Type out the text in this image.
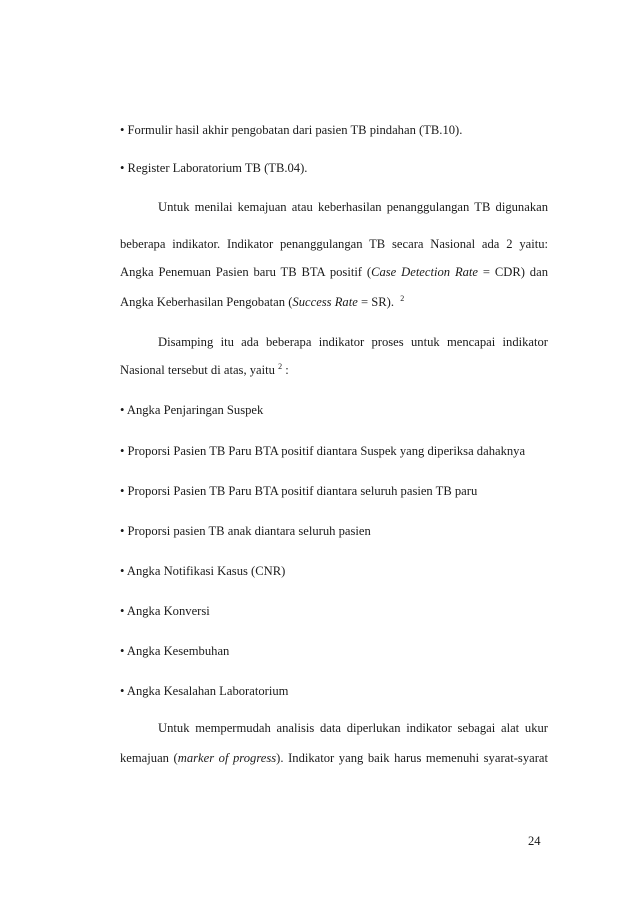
• Formulir hasil akhir pengobatan dari pasien TB pindahan (TB.10).
• Register Laboratorium TB (TB.04).
Untuk menilai kemajuan atau keberhasilan penanggulangan TB digunakan
beberapa indikator. Indikator penanggulangan TB secara Nasional ada 2 yaitu:
Angka Penemuan Pasien baru TB BTA positif (Case Detection Rate = CDR) dan
Angka Keberhasilan Pengobatan (Success Rate = SR). $^2$
Disamping itu ada beberapa indikator proses untuk mencapai indikator
Nasional tersebut di atas, yaitu $^2$ :
• Angka Penjaringan Suspek
• Proporsi Pasien TB Paru BTA positif diantara Suspek yang diperiksa dahaknya
• Proporsi Pasien TB Paru BTA positif diantara seluruh pasien TB paru
• Proporsi pasien TB anak diantara seluruh pasien
• Angka Notifikasi Kasus (CNR)
• Angka Konversi
• Angka Kesembuhan
• Angka Kesalahan Laboratorium
Untuk mempermudah analisis data diperlukan indikator sebagai alat ukur
kemajuan (marker of progress). Indikator yang baik harus memenuhi syarat-syarat
24
